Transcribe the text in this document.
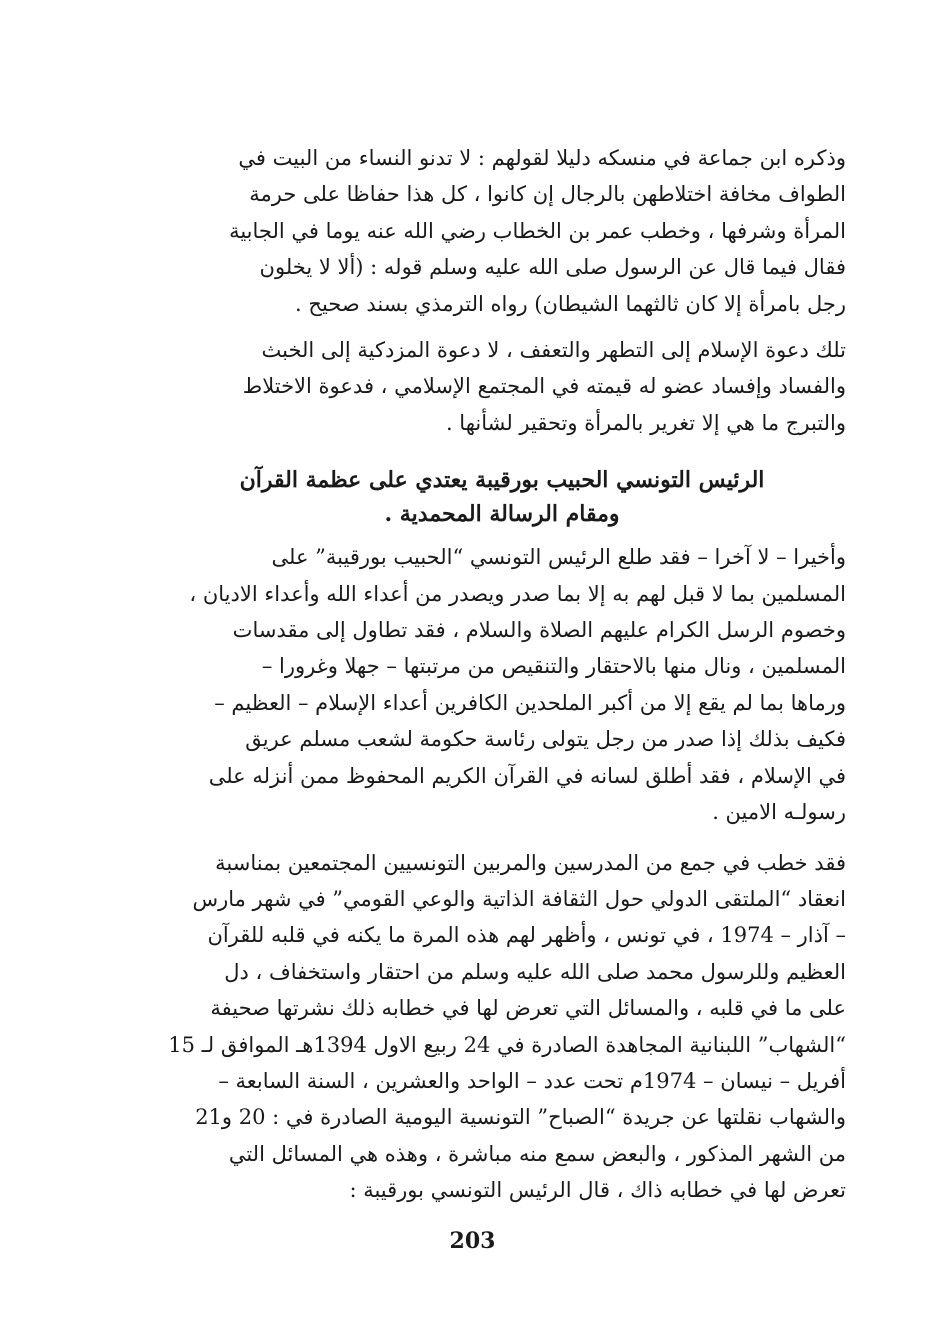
وذكره ابن جماعة في منسكه دليلا لقولهم : لا تدنو النساء من البيت في
الطواف مخافة اختلاطهن بالرجال إن كانوا ، كل هذا حفاظا على حرمة
المرأة وشرفها ، وخطب عمر بن الخطاب رضي الله عنه يوما في الجابية
فقال فيما قال عن الرسول صلى الله عليه وسلم قوله : (ألا لا يخلون
رجل بامرأة إلا كان ثالثهما الشيطان) رواه الترمذي بسند صحيح .

تلك دعوة الإسلام إلى التطهر والتعفف ، لا دعوة المزدكية إلى الخبث
والفساد وإفساد عضو له قيمته في المجتمع الإسلامي ، فدعوة الاختلاط
والتبرج ما هي إلا تغرير بالمرأة وتحقير لشأنها .

الرئيس التونسي الحبيب بورقيبة يعتدي على عظمة القرآن
ومقام الرسالة المحمدية .

وأخيرا – لا آخرا – فقد طلع الرئيس التونسي “الحبيب بورقيبة” على
المسلمين بما لا قبل لهم به إلا بما صدر ويصدر من أعداء الله وأعداء الاديان ،
وخصوم الرسل الكرام عليهم الصلاة والسلام ، فقد تطاول إلى مقدسات
المسلمين ، ونال منها بالاحتقار والتنقيص من مرتبتها – جهلا وغرورا –
ورماها بما لم يقع إلا من أكبر الملحدين الكافرين أعداء الإسلام – العظيم –
فكيف بذلك إذا صدر من رجل يتولى رئاسة حكومة لشعب مسلم عريق
في الإسلام ، فقد أطلق لسانه في القرآن الكريم المحفوظ ممن أنزله على
رسولـه الامين .

فقد خطب في جمع من المدرسين والمربين التونسيين المجتمعين بمناسبة
انعقاد “الملتقى الدولي حول الثقافة الذاتية والوعي القومي” في شهر مارس
– آذار – 1974 ، في تونس ، وأظهر لهم هذه المرة ما يكنه في قلبه للقرآن
العظيم وللرسول محمد صلى الله عليه وسلم من احتقار واستخفاف ، دل
على ما في قلبه ، والمسائل التي تعرض لها في خطابه ذلك نشرتها صحيفة
“الشهاب” اللبنانية المجاهدة الصادرة في 24 ربيع الاول 1394هـ الموافق لـ 15
أفريل – نيسان – 1974م تحت عدد – الواحد والعشرين ، السنة السابعة –
والشهاب نقلتها عن جريدة “الصباح” التونسية اليومية الصادرة في : 20 و21
من الشهر المذكور ، والبعض سمع منه مباشرة ، وهذه هي المسائل التي
تعرض لها في خطابه ذاك ، قال الرئيس التونسي بورقيبة :

203
